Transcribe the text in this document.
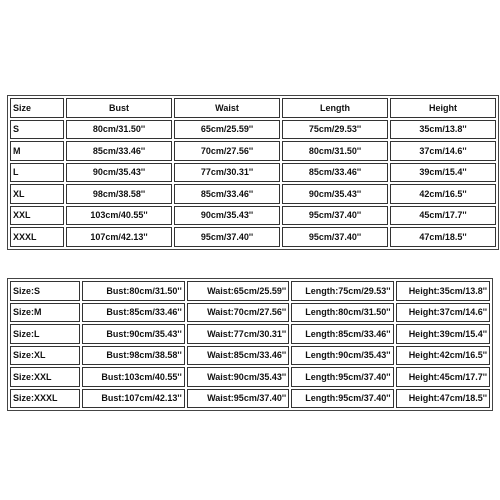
Size	Bust	Waist	Length	Height
S	80cm/31.50''	65cm/25.59''	75cm/29.53''	35cm/13.8''
M	85cm/33.46''	70cm/27.56''	80cm/31.50''	37cm/14.6''
L	90cm/35.43''	77cm/30.31''	85cm/33.46''	39cm/15.4''
XL	98cm/38.58''	85cm/33.46''	90cm/35.43''	42cm/16.5''
XXL	103cm/40.55''	90cm/35.43''	95cm/37.40''	45cm/17.7''
XXXL	107cm/42.13''	95cm/37.40''	95cm/37.40''	47cm/18.5''
Size:S	Bust:80cm/31.50''	Waist:65cm/25.59''	Length:75cm/29.53''	Height:35cm/13.8''
Size:M	Bust:85cm/33.46''	Waist:70cm/27.56''	Length:80cm/31.50''	Height:37cm/14.6''
Size:L	Bust:90cm/35.43''	Waist:77cm/30.31''	Length:85cm/33.46''	Height:39cm/15.4''
Size:XL	Bust:98cm/38.58''	Waist:85cm/33.46''	Length:90cm/35.43''	Height:42cm/16.5''
Size:XXL	Bust:103cm/40.55''	Waist:90cm/35.43''	Length:95cm/37.40''	Height:45cm/17.7''
Size:XXXL	Bust:107cm/42.13''	Waist:95cm/37.40''	Length:95cm/37.40''	Height:47cm/18.5''
